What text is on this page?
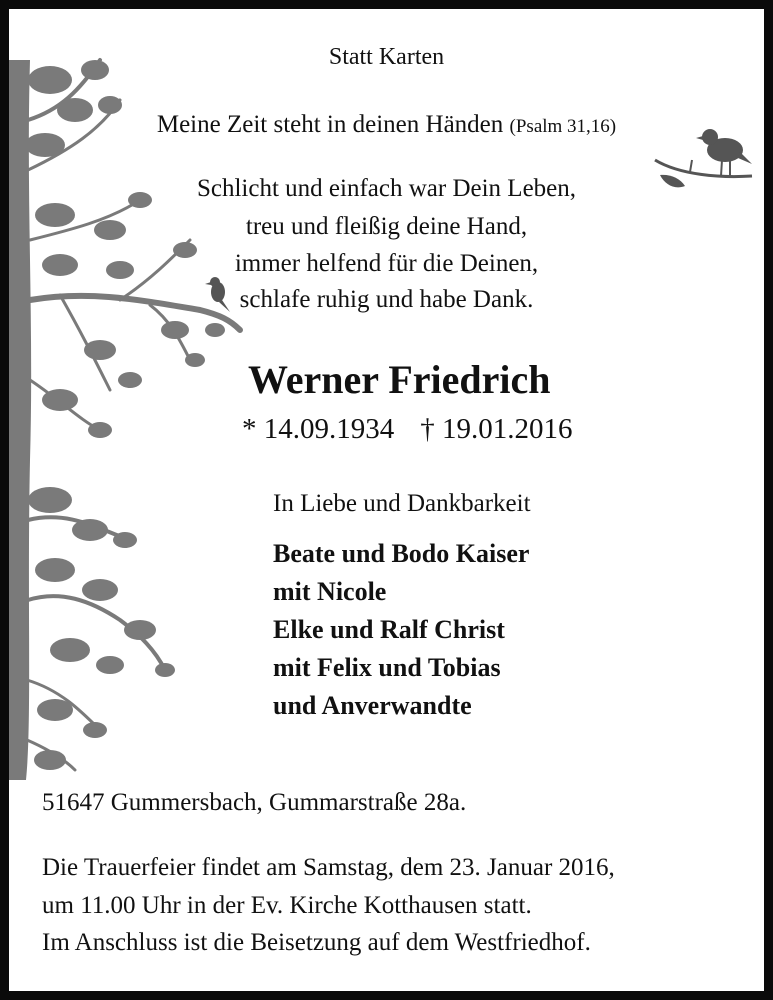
Statt Karten
Meine Zeit steht in deinen Händen (Psalm 31,16)
Schlicht und einfach war Dein Leben,
treu und fleißig deine Hand,
immer helfend für die Deinen,
schlafe ruhig und habe Dank.
Werner Friedrich
* 14.09.1934 † 19.01.2016
In Liebe und Dankbarkeit
Beate und Bodo Kaiser
mit Nicole
Elke und Ralf Christ
mit Felix und Tobias
und Anverwandte
51647 Gummersbach, Gummarstraße 28a.
Die Trauerfeier findet am Samstag, dem 23. Januar 2016,
um 11.00 Uhr in der Ev. Kirche Kotthausen statt.
Im Anschluss ist die Beisetzung auf dem Westfriedhof.
